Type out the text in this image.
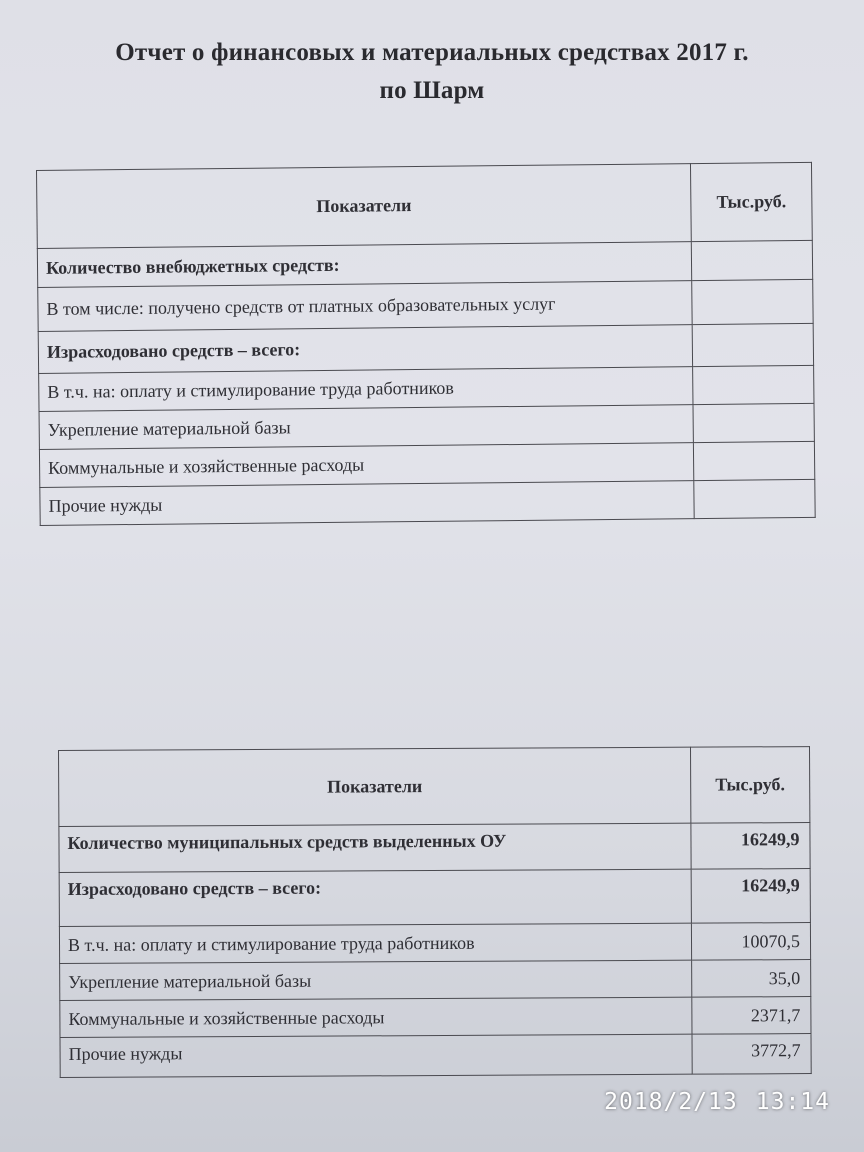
Отчет о финансовых и материальных средствах 2017 г.
по Шарм
Показатели	Тыс.руб.
Количество внебюджетных средств:	
В том числе: получено средств от платных образовательных услуг	
Израсходовано средств – всего:	
В т.ч. на: оплату и стимулирование труда работников	
Укрепление материальной базы	
Коммунальные и хозяйственные расходы	
Прочие нужды	
Показатели	Тыс.руб.
Количество муниципальных средств выделенных ОУ	16249,9
Израсходовано средств – всего:	16249,9
В т.ч. на: оплату и стимулирование труда работников	10070,5
Укрепление материальной базы	35,0
Коммунальные и хозяйственные расходы	2371,7
Прочие нужды	3772,7
2018/2/13 13:14
